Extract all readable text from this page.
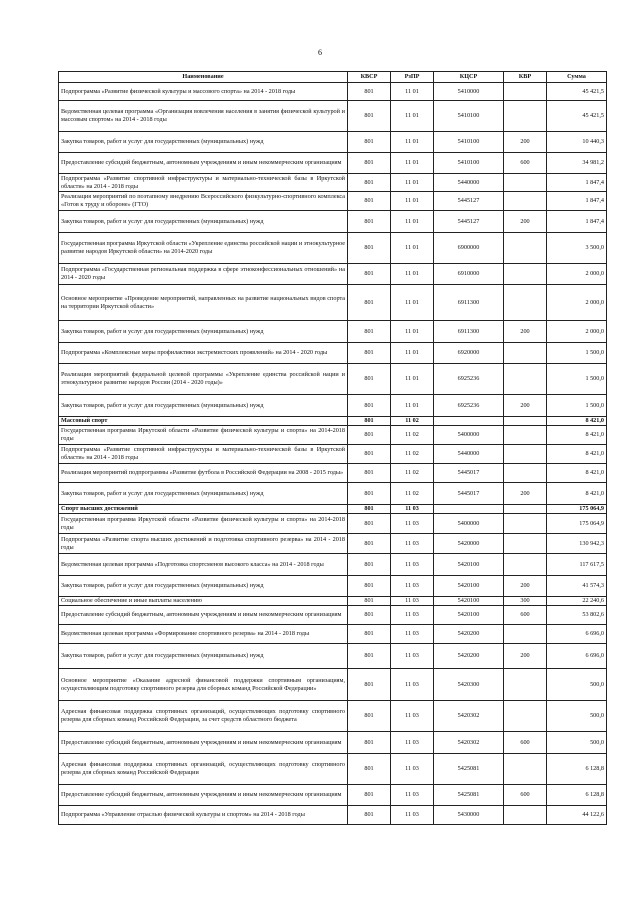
6
Наименование	КВСР	РзПР	КЦСР	КВР	Сумма
Подпрограмма «Развитие физической культуры и массового спорта» на 2014 - 2018 годы	801	11 01	5410000		45 421,5
Ведомственная целевая программа «Организация вовлечения населения в занятия физической культурой и массовым спортом» на 2014 - 2018 годы	801	11 01	5410100		45 421,5
Закупка товаров, работ и услуг для государственных (муниципальных) нужд	801	11 01	5410100	200	10 440,3
Предоставление субсидий бюджетным, автономным учреждениям и иным некоммерческим организациям	801	11 01	5410100	600	34 981,2
Подпрограмма «Развитие спортивной инфраструктуры и материально-технической базы в Иркутской области» на 2014 - 2018 годы	801	11 01	5440000		1 847,4
Реализация мероприятий по поэтапному внедрению Всероссийского физкультурно-спортивного комплекса «Готов к труду и обороне» (ГТО)	801	11 01	5445127		1 847,4
Закупка товаров, работ и услуг для государственных (муниципальных) нужд	801	11 01	5445127	200	1 847,4
Государственная программа Иркутской области «Укрепление единства российской нации и этнокультурное развитие народов Иркутской области» на 2014-2020 годы	801	11 01	6900000		3 500,0
Подпрограмма «Государственная региональная поддержка в сфере этноконфессиональных отношений» на 2014 - 2020 годы	801	11 01	6910000		2 000,0
Основное мероприятие «Проведение мероприятий, направленных на развитие национальных видов спорта на территории Иркутской области»	801	11 01	6911300		2 000,0
Закупка товаров, работ и услуг для государственных (муниципальных) нужд	801	11 01	6911300	200	2 000,0
Подпрограмма «Комплексные меры профилактики экстремистских проявлений» на 2014 - 2020 годы	801	11 01	6920000		1 500,0
Реализация мероприятий федеральной целевой программы «Укрепление единства российской нации и этнокультурное развитие народов России (2014 - 2020 годы)»	801	11 01	6925236		1 500,0
Закупка товаров, работ и услуг для государственных (муниципальных) нужд	801	11 01	6925236	200	1 500,0
Массовый спорт	801	11 02			8 421,0
Государственная программа Иркутской области «Развитие физической культуры и спорта» на 2014-2018 годы	801	11 02	5400000		8 421,0
Подпрограмма «Развитие спортивной инфраструктуры и материально-технической базы в Иркутской области» на 2014 - 2018 годы	801	11 02	5440000		8 421,0
Реализация мероприятий подпрограммы «Развитие футбола в Российской Федерации на 2008 - 2015 годы»	801	11 02	5445017		8 421,0
Закупка товаров, работ и услуг для государственных (муниципальных) нужд	801	11 02	5445017	200	8 421,0
Спорт высших достижений	801	11 03			175 064,9
Государственная программа Иркутской области «Развитие физической культуры и спорта» на 2014-2018 годы	801	11 03	5400000		175 064,9
Подпрограмма «Развитие спорта высших достижений и подготовка спортивного резерва» на 2014 - 2018 годы	801	11 03	5420000		130 942,3
Ведомственная целевая программа «Подготовка спортсменов высокого класса» на 2014 - 2018 годы	801	11 03	5420100		117 617,5
Закупка товаров, работ и услуг для государственных (муниципальных) нужд	801	11 03	5420100	200	41 574,3
Социальное обеспечение и иные выплаты населению	801	11 03	5420100	300	22 240,6
Предоставление субсидий бюджетным, автономным учреждениям и иным некоммерческим организациям	801	11 03	5420100	600	53 802,6
Ведомственная целевая программа «Формирование спортивного резерва» на 2014 - 2018 годы	801	11 03	5420200		6 696,0
Закупка товаров, работ и услуг для государственных (муниципальных) нужд	801	11 03	5420200	200	6 696,0
Основное мероприятие «Оказание адресной финансовой поддержки спортивным организациям, осуществляющим подготовку спортивного резерва для сборных команд Российской Федерации»	801	11 03	5420300		500,0
Адресная финансовая поддержка спортивных организаций, осуществляющих подготовку спортивного резерва для сборных команд Российской Федерации, за счет средств областного бюджета	801	11 03	5420302		500,0
Предоставление субсидий бюджетным, автономным учреждениям и иным некоммерческим организациям	801	11 03	5420302	600	500,0
Адресная финансовая поддержка спортивных организаций, осуществляющих подготовку спортивного резерва для сборных команд Российской Федерации	801	11 03	5425081		6 128,8
Предоставление субсидий бюджетным, автономным учреждениям и иным некоммерческим организациям	801	11 03	5425081	600	6 128,8
Подпрограмма «Управление отраслью физической культуры и спортом» на 2014 - 2018 годы	801	11 03	5430000		44 122,6
